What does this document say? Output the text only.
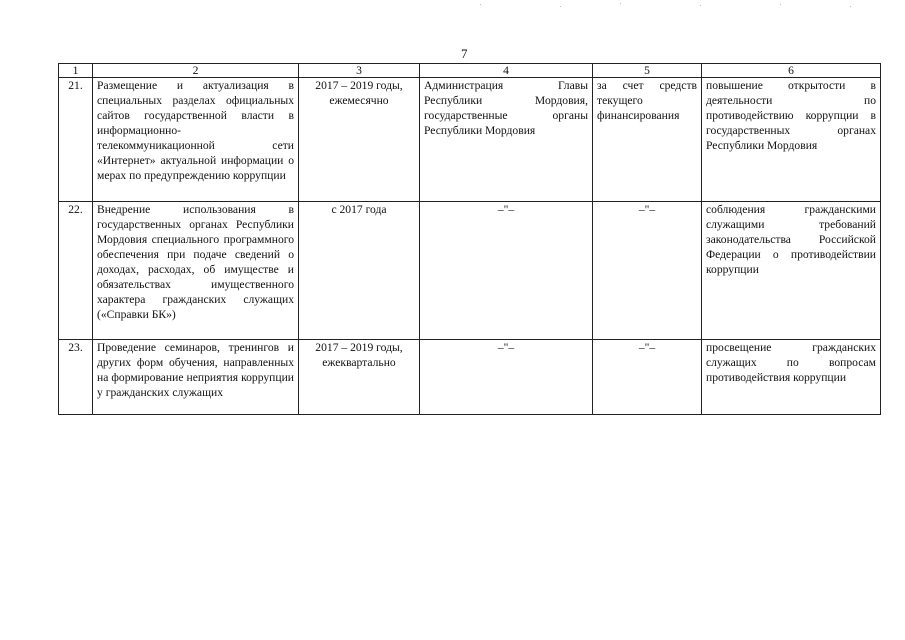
7
1	2	3	4	5	6
21.	Размещение и актуализация в специальных разделах официальных сайтов государственной власти в информационно-телекоммуникационной сети «Интернет» актуальной информации о мерах по предупреждению коррупции	2017 – 2019 годы, ежемесячно	Администрация Главы Республики Мордовия, государственные органы Республики Мордовия	за счет средств текущего финансирования	повышение открытости в деятельности по противодействию коррупции в государственных органах Республики Мордовия
22.	Внедрение использования в государственных органах Республики Мордовия специального программного обеспечения при подаче сведений о доходах, расходах, об имуществе и обязательствах имущественного характера гражданских служащих («Справки БК»)	с 2017 года	–"–	–"–	соблюдения гражданскими служащими требований законодательства Российской Федерации о противодействии коррупции
23.	Проведение семинаров, тренингов и других форм обучения, направленных на формирование неприятия коррупции у гражданских служащих	2017 – 2019 годы, ежеквартально	–"–	–"–	просвещение гражданских служащих по вопросам противодействия коррупции
